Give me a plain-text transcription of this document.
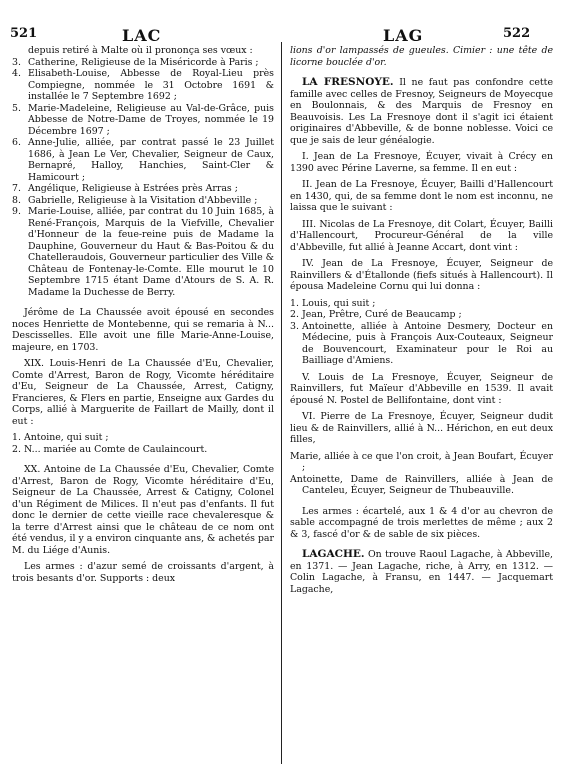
521	LAC	LAG	522
depuis retiré à Malte où il prononça ses vœux :
3. Catherine, Religieuse de la Miséricorde à Paris ;
4. Elisabeth-Louise, Abbesse de Royal-Lieu près Compiegne, nommée le 31 Octobre 1691 & installée le 7 Septembre 1692 ;
5. Marie-Madeleine, Religieuse au Val-de-Grâce, puis Abbesse de Notre-Dame de Troyes, nommée le 19 Décembre 1697 ;
6. Anne-Julie, alliée, par contrat passé le 23 Juillet 1686, à Jean Le Ver, Chevalier, Seigneur de Caux, Bernapré, Halloy, Hanchies, Saint-Cler & Hamicourt ;
7. Angélique, Religieuse à Estrées près Arras ;
8. Gabrielle, Religieuse à la Visitation d'Abbeville ;
9. Marie-Louise, alliée, par contrat du 10 Juin 1685, à René-François, Marquis de la Viefville, Chevalier d'Honneur de la feue-reine puis de Madame la Dauphine, Gouverneur du Haut & Bas-Poitou & du Chatelleraudois, Gouverneur particulier des Ville & Château de Fontenay-le-Comte. Elle mourut le 10 Septembre 1715 étant Dame d'Atours de S. A. R. Madame la Duchesse de Berry.

Jérôme de La Chaussée avoit épousé en secondes noces Henriette de Montebenne, qui se remaria à N... Descisselles. Elle avoit une fille Marie-Anne-Louise, majeure, en 1703.

XIX. Louis-Henri de La Chaussée d'Eu, Chevalier, Comte d'Arrest, Baron de Rogy, Vicomte héréditaire d'Eu, Seigneur de La Chaussée, Arrest, Catigny, Francieres, & Flers en partie, Enseigne aux Gardes du Corps, allié à Marguerite de Faillart de Mailly, dont il eut :

1. Antoine, qui suit ;
2. N... mariée au Comte de Caulaincourt.

XX. Antoine de La Chaussée d'Eu, Chevalier, Comte d'Arrest, Baron de Rogy, Vicomte héréditaire d'Eu, Seigneur de La Chaussée, Arrest & Catigny, Colonel d'un Régiment de Milices. Il n'eut pas d'enfants. Il fut donc le dernier de cette vieille race chevaleresque & la terre d'Arrest ainsi que le château de ce nom ont été vendus, il y a environ cinquante ans, & achetés par M. du Liége d'Aunis.

Les armes : d'azur semé de croissants d'argent, à trois besants d'or. Supports : deux

lions d'or lampassés de gueules. Cimier : une tête de licorne bouclée d'or.

LA FRESNOYE. Il ne faut pas confondre cette famille avec celles de Fresnoy, Seigneurs de Moyecque en Boulonnais, & des Marquis de Fresnoy en Beauvoisis. Les La Fresnoye dont il s'agit ici étaient originaires d'Abbeville, & de bonne noblesse. Voici ce que je sais de leur généalogie.

I. Jean de La Fresnoye, Écuyer, vivait à Crécy en 1390 avec Périne Laverne, sa femme. Il en eut :

II. Jean de La Fresnoye, Écuyer, Bailli d'Hallencourt en 1430, qui, de sa femme dont le nom est inconnu, ne laissa que le suivant :

III. Nicolas de La Fresnoye, dit Colart, Écuyer, Bailli d'Hallencourt, Procureur-Général de la ville d'Abbeville, fut allié à Jeanne Accart, dont vint :

IV. Jean de La Fresnoye, Écuyer, Seigneur de Rainvillers & d'Étallonde (fiefs situés à Hallencourt). Il épousa Madeleine Cornu qui lui donna :

1. Louis, qui suit ;
2. Jean, Prêtre, Curé de Beaucamp ;
3. Antoinette, alliée à Antoine Desmery, Docteur en Médecine, puis à François Aux-Couteaux, Seigneur de Bouvencourt, Examinateur pour le Roi au Bailliage d'Amiens.

V. Louis de La Fresnoye, Écuyer, Seigneur de Rainvillers, fut Maïeur d'Abbeville en 1539. Il avait épousé N. Postel de Bellifontaine, dont vint :

VI. Pierre de La Fresnoye, Écuyer, Seigneur dudit lieu & de Rainvillers, allié à N... Hérichon, en eut deux filles,

Marie, alliée à ce que l'on croit, à Jean Boufart, Écuyer ;

Antoinette, Dame de Rainvillers, alliée à Jean de Canteleu, Écuyer, Seigneur de Thubeauville.

Les armes : écartelé, aux 1 & 4 d'or au chevron de sable accompagné de trois merlettes de même ; aux 2 & 3, fascé d'or & de sable de six pièces.

LAGACHE. On trouve Raoul Lagache, à Abbeville, en 1371. — Jean Lagache, riche, à Arry, en 1312. — Colin Lagache, à Fransu, en 1447. — Jacquemart Lagache,
